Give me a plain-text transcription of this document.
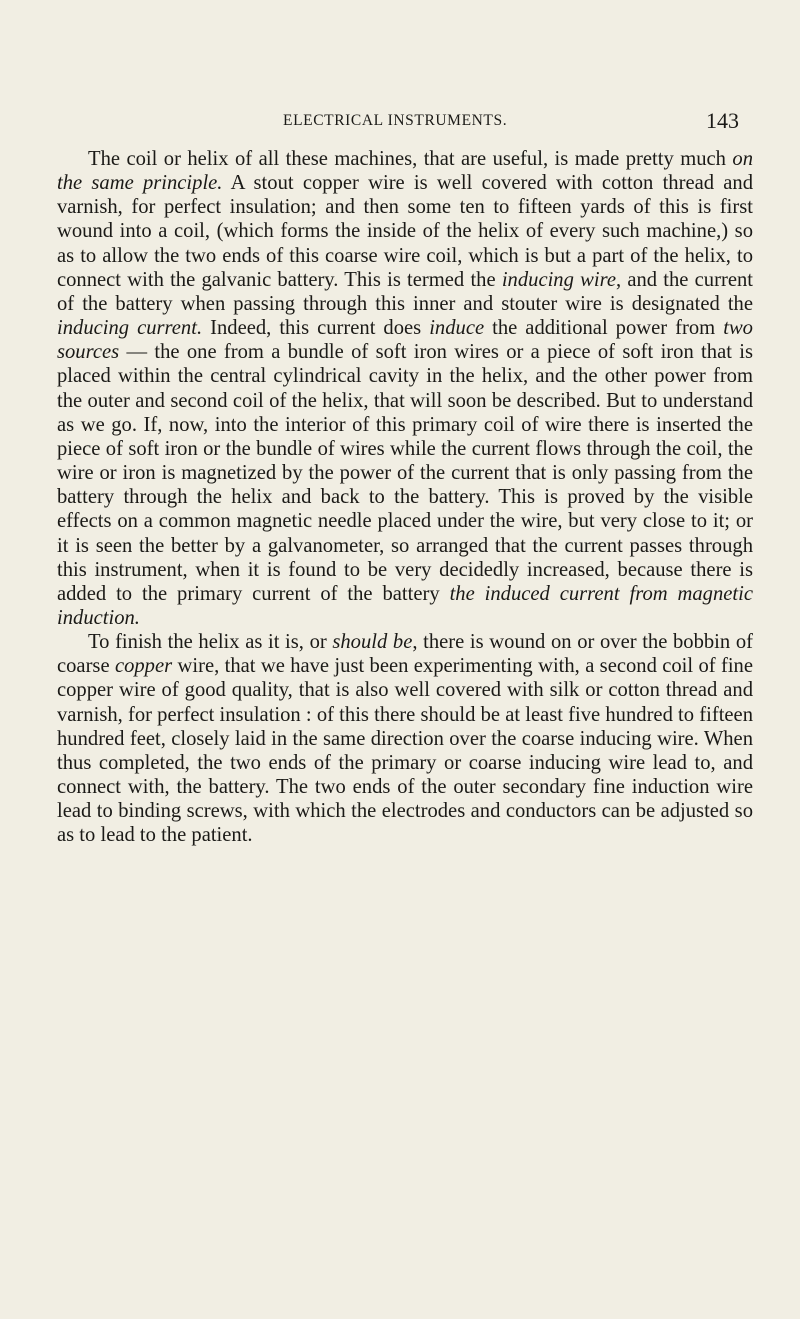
ELECTRICAL INSTRUMENTS.	143

The coil or helix of all these machines, that are useful, is made pretty much on the same principle. A stout copper wire is well covered with cotton thread and varnish, for perfect insulation; and then some ten to fifteen yards of this is first wound into a coil, (which forms the inside of the helix of every such machine,) so as to allow the two ends of this coarse wire coil, which is but a part of the helix, to connect with the galvanic battery. This is termed the inducing wire, and the current of the battery when passing through this inner and stouter wire is designated the inducing current. Indeed, this current does induce the additional power from two sources — the one from a bundle of soft iron wires or a piece of soft iron that is placed within the central cylindrical cavity in the helix, and the other power from the outer and second coil of the helix, that will soon be described. But to understand as we go. If, now, into the interior of this primary coil of wire there is inserted the piece of soft iron or the bundle of wires while the current flows through the coil, the wire or iron is magnetized by the power of the current that is only passing from the battery through the helix and back to the battery. This is proved by the visible effects on a common magnetic needle placed under the wire, but very close to it; or it is seen the better by a galvanometer, so arranged that the current passes through this instrument, when it is found to be very decidedly increased, because there is added to the primary current of the battery the induced current from magnetic induction.

To finish the helix as it is, or should be, there is wound on or over the bobbin of coarse copper wire, that we have just been experimenting with, a second coil of fine copper wire of good quality, that is also well covered with silk or cotton thread and varnish, for perfect insulation : of this there should be at least five hundred to fifteen hundred feet, closely laid in the same direction over the coarse inducing wire. When thus completed, the two ends of the primary or coarse inducing wire lead to, and connect with, the battery. The two ends of the outer secondary fine induction wire lead to binding screws, with which the electrodes and conductors can be adjusted so as to lead to the patient.
